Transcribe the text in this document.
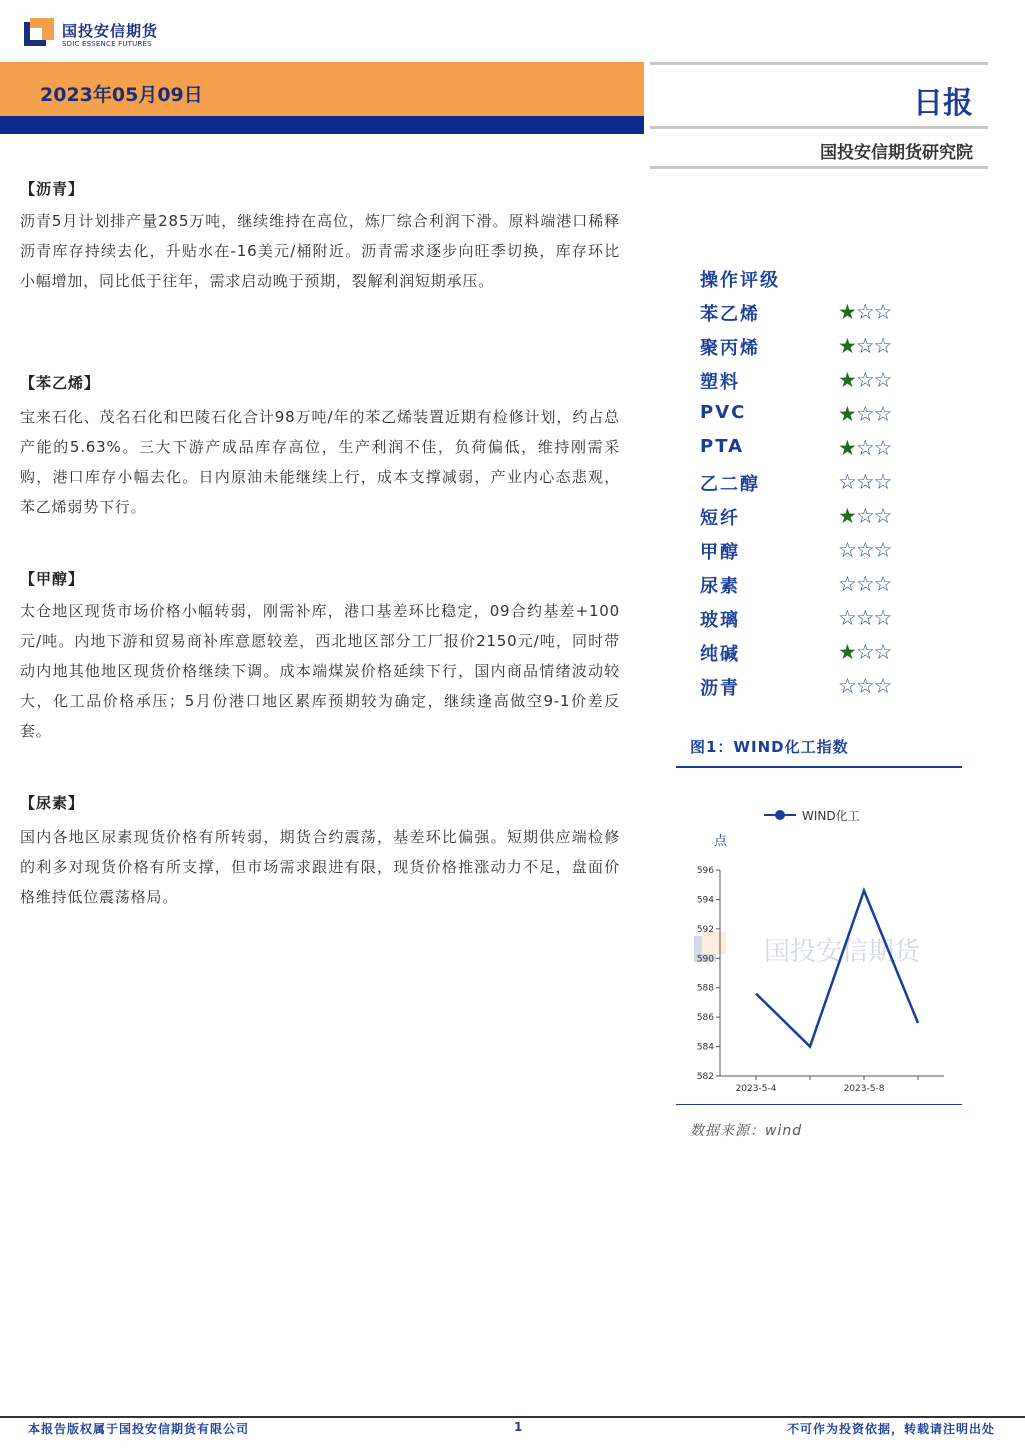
国投安信期货
SDIC ESSENCE FUTURES
2023年05月09日	日报
国投安信期货研究院
【沥青】
沥青5月计划排产量285万吨，继续维持在高位，炼厂综合利润下滑。原料端港口稀释沥青库存持续去化，升贴水在-16美元/桶附近。沥青需求逐步向旺季切换，库存环比小幅增加，同比低于往年，需求启动晚于预期，裂解利润短期承压。
【苯乙烯】
宝来石化、茂名石化和巴陵石化合计98万吨/年的苯乙烯装置近期有检修计划，约占总产能的5.63%。三大下游产成品库存高位，生产利润不佳，负荷偏低，维持刚需采购，港口库存小幅去化。日内原油未能继续上行，成本支撑减弱，产业内心态悲观，苯乙烯弱势下行。
【甲醇】
太仓地区现货市场价格小幅转弱，刚需补库，港口基差环比稳定，09合约基差+100元/吨。内地下游和贸易商补库意愿较差，西北地区部分工厂报价2150元/吨，同时带动内地其他地区现货价格继续下调。成本端煤炭价格延续下行，国内商品情绪波动较大，化工品价格承压；5月份港口地区累库预期较为确定，继续逢高做空9-1价差反套。
【尿素】
国内各地区尿素现货价格有所转弱，期货合约震荡，基差环比偏强。短期供应端检修的利多对现货价格有所支撑，但市场需求跟进有限，现货价格推涨动力不足，盘面价格维持低位震荡格局。
操作评级
苯乙烯	★☆☆
聚丙烯	★☆☆
塑料	★☆☆
PVC	★☆☆
PTA	★☆☆
乙二醇	☆☆☆
短纤	★☆☆
甲醇	☆☆☆
尿素	☆☆☆
玻璃	☆☆☆
纯碱	★☆☆
沥青	☆☆☆
图1：WIND化工指数
国投安信期货
WIND化工
点
582
584
586
588
590
592
594
596
2023-5-4	2023-5-8
数据来源：wind
本报告版权属于国投安信期货有限公司	1	不可作为投资依据，转载请注明出处
